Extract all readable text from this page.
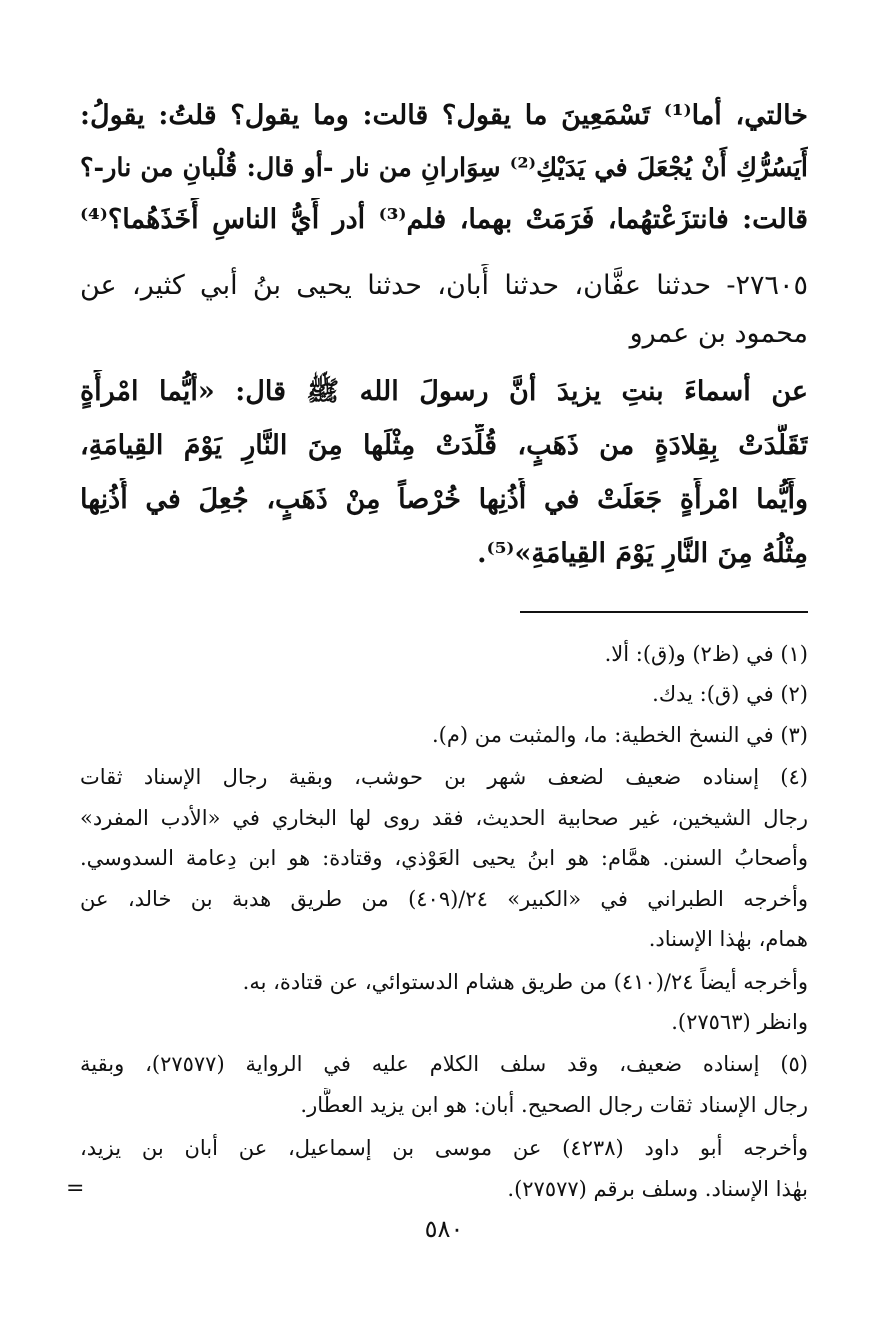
خالتي، أما⁽¹⁾ تَسْمَعِينَ ما يقول؟ قالت: وما يقول؟ قلتُ: يقولُ:
أَيَسُرُّكِ أَنْ يُجْعَلَ في يَدَيْكِ⁽²⁾ سِوَارانِ من نار -أو قال: قُلْبانِ من نار-؟
قالت: فانتزَعْتهُما، فَرَمَتْ بهما، فلم⁽³⁾ أدر أَيُّ الناسِ أَخَذَهُما؟⁽⁴⁾
٢٧٦٠٥- حدثنا عفَّان، حدثنا أَبان، حدثنا يحيى بنُ أبي كثير، عن
محمود بن عمرو
عن أسماءَ بنتِ يزيدَ أنَّ رسولَ الله ﷺ قال: «أيُّما امْرأَةٍ
تَقَلَّدَتْ بِقِلادَةٍ من ذَهَبٍ، قُلِّدَتْ مِثْلَها مِنَ النَّارِ يَوْمَ القِيامَةِ،
وأَيُّما امْرأَةٍ جَعَلَتْ في أُذُنِها خُرْصاً مِنْ ذَهَبٍ، جُعِلَ في أُذُنِها
مِثْلُهُ مِنَ النَّارِ يَوْمَ القِيامَةِ»⁽⁵⁾.
(١) في (ظ٢) و(ق): ألا.
(٢) في (ق): يدك.
(٣) في النسخ الخطية: ما، والمثبت من (م).
(٤) إسناده ضعيف لضعف شهر بن حوشب، وبقية رجال الإسناد ثقات
رجال الشيخين، غير صحابية الحديث، فقد روى لها البخاري في «الأدب المفرد»
وأصحابُ السنن. همَّام: هو ابنُ يحيى العَوْذي، وقتادة: هو ابن دِعامة السدوسي.
وأخرجه الطبراني في «الكبير» ٢٤/(٤٠٩) من طريق هدبة بن خالد، عن
همام، بهٰذا الإسناد.
وأخرجه أيضاً ٢٤/(٤١٠) من طريق هشام الدستوائي، عن قتادة، به.
وانظر (٢٧٥٦٣).
(٥) إسناده ضعيف، وقد سلف الكلام عليه في الرواية (٢٧٥٧٧)، وبقية
رجال الإسناد ثقات رجال الصحيح. أبان: هو ابن يزيد العطَّار.
وأخرجه أبو داود (٤٢٣٨) عن موسى بن إسماعيل، عن أبان بن يزيد،
بهٰذا الإسناد. وسلف برقم (٢٧٥٧٧).
=
٥٨٠
